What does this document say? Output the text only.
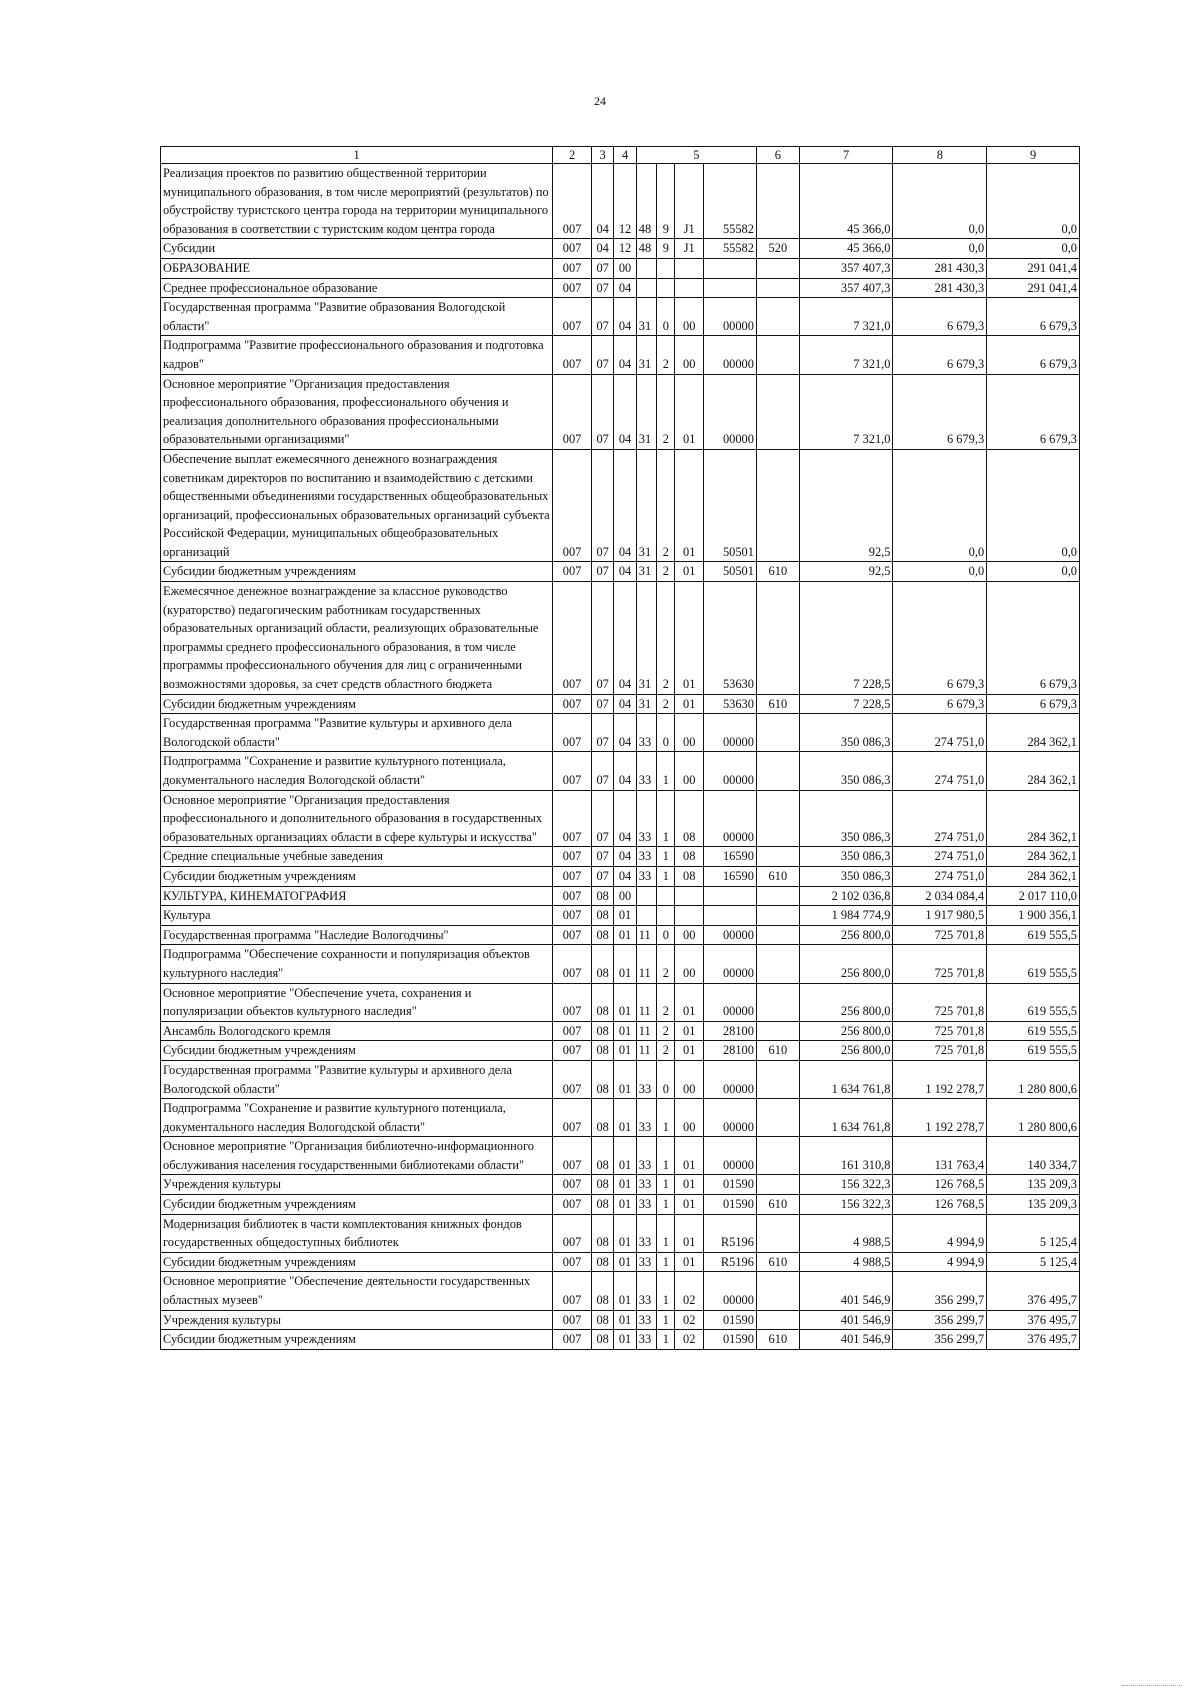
24
1	2	3	4	5				6	7	8	9
Реализация проектов по развитию общественной территории муниципального образования, в том числе мероприятий (результатов) по обустройству туристского центра города на территории муниципального образования в соответствии с туристским кодом центра города	007	04	12	48	9	J1	55582		45 366,0	0,0	0,0
Субсидии	007	04	12	48	9	J1	55582	520	45 366,0	0,0	0,0
ОБРАЗОВАНИЕ	007	07	00						357 407,3	281 430,3	291 041,4
Среднее профессиональное образование	007	07	04						357 407,3	281 430,3	291 041,4
Государственная программа "Развитие образования Вологодской области"	007	07	04	31	0	00	00000		7 321,0	6 679,3	6 679,3
Подпрограмма "Развитие профессионального образования и подготовка кадров"	007	07	04	31	2	00	00000		7 321,0	6 679,3	6 679,3
Основное мероприятие "Организация предоставления профессионального образования, профессионального обучения и реализация дополнительного образования профессиональными образовательными организациями"	007	07	04	31	2	01	00000		7 321,0	6 679,3	6 679,3
Обеспечение выплат ежемесячного денежного вознаграждения советникам директоров по воспитанию и взаимодействию с детскими общественными объединениями государственных общеобразовательных организаций, профессиональных образовательных организаций субъекта Российской Федерации, муниципальных общеобразовательных организаций	007	07	04	31	2	01	50501		92,5	0,0	0,0
Субсидии бюджетным учреждениям	007	07	04	31	2	01	50501	610	92,5	0,0	0,0
Ежемесячное денежное вознаграждение за классное руководство (кураторство) педагогическим работникам государственных образовательных организаций области, реализующих образовательные программы среднего профессионального образования, в том числе программы профессионального обучения для лиц с ограниченными возможностями здоровья, за счет средств областного бюджета	007	07	04	31	2	01	53630		7 228,5	6 679,3	6 679,3
Субсидии бюджетным учреждениям	007	07	04	31	2	01	53630	610	7 228,5	6 679,3	6 679,3
Государственная программа "Развитие культуры и архивного дела Вологодской области"	007	07	04	33	0	00	00000		350 086,3	274 751,0	284 362,1
Подпрограмма "Сохранение и развитие культурного потенциала, документального наследия Вологодской области"	007	07	04	33	1	00	00000		350 086,3	274 751,0	284 362,1
Основное мероприятие "Организация предоставления профессионального и дополнительного образования в государственных образовательных организациях области в сфере культуры и искусства"	007	07	04	33	1	08	00000		350 086,3	274 751,0	284 362,1
Средние специальные учебные заведения	007	07	04	33	1	08	16590		350 086,3	274 751,0	284 362,1
Субсидии бюджетным учреждениям	007	07	04	33	1	08	16590	610	350 086,3	274 751,0	284 362,1
КУЛЬТУРА, КИНЕМАТОГРАФИЯ	007	08	00						2 102 036,8	2 034 084,4	2 017 110,0
Культура	007	08	01						1 984 774,9	1 917 980,5	1 900 356,1
Государственная программа "Наследие Вологодчины"	007	08	01	11	0	00	00000		256 800,0	725 701,8	619 555,5
Подпрограмма "Обеспечение сохранности и популяризация объектов культурного наследия"	007	08	01	11	2	00	00000		256 800,0	725 701,8	619 555,5
Основное мероприятие "Обеспечение учета, сохранения и популяризации объектов культурного наследия"	007	08	01	11	2	01	00000		256 800,0	725 701,8	619 555,5
Ансамбль Вологодского кремля	007	08	01	11	2	01	28100		256 800,0	725 701,8	619 555,5
Субсидии бюджетным учреждениям	007	08	01	11	2	01	28100	610	256 800,0	725 701,8	619 555,5
Государственная программа "Развитие культуры и архивного дела Вологодской области"	007	08	01	33	0	00	00000		1 634 761,8	1 192 278,7	1 280 800,6
Подпрограмма "Сохранение и развитие культурного потенциала, документального наследия Вологодской области"	007	08	01	33	1	00	00000		1 634 761,8	1 192 278,7	1 280 800,6
Основное мероприятие "Организация библиотечно-информационного обслуживания населения государственными библиотеками области"	007	08	01	33	1	01	00000		161 310,8	131 763,4	140 334,7
Учреждения культуры	007	08	01	33	1	01	01590		156 322,3	126 768,5	135 209,3
Субсидии бюджетным учреждениям	007	08	01	33	1	01	01590	610	156 322,3	126 768,5	135 209,3
Модернизация библиотек в части комплектования книжных фондов государственных общедоступных библиотек	007	08	01	33	1	01	R5196		4 988,5	4 994,9	5 125,4
Субсидии бюджетным учреждениям	007	08	01	33	1	01	R5196	610	4 988,5	4 994,9	5 125,4
Основное мероприятие "Обеспечение деятельности государственных областных музеев"	007	08	01	33	1	02	00000		401 546,9	356 299,7	376 495,7
Учреждения культуры	007	08	01	33	1	02	01590		401 546,9	356 299,7	376 495,7
Субсидии бюджетным учреждениям	007	08	01	33	1	02	01590	610	401 546,9	356 299,7	376 495,7
